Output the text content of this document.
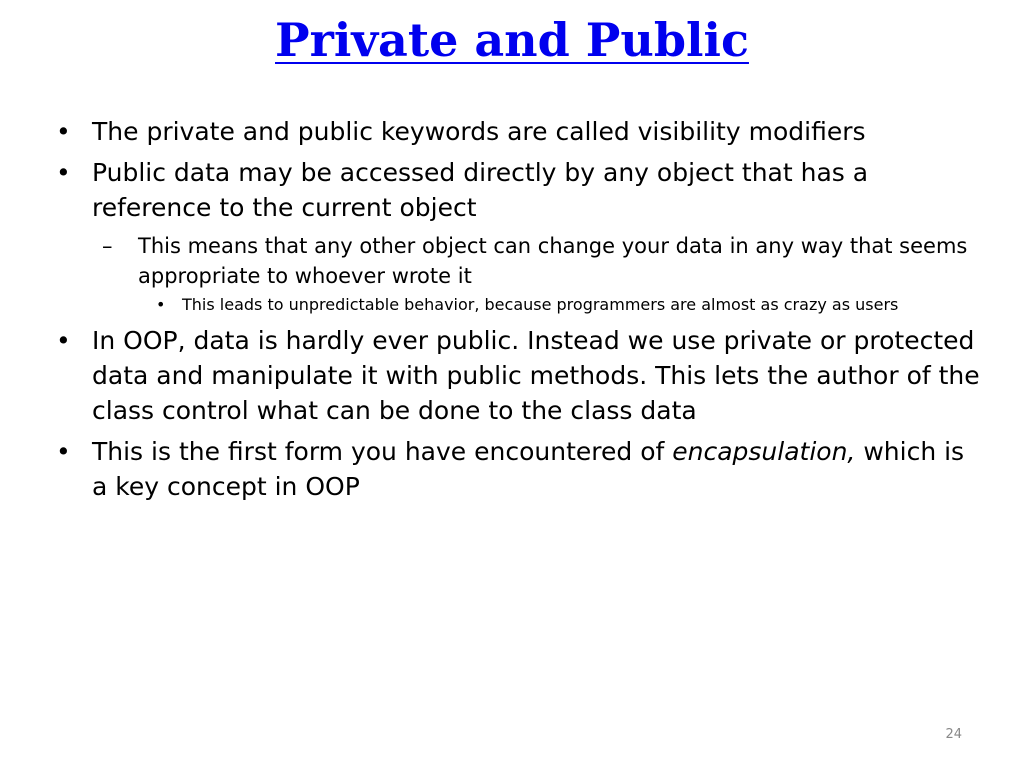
Private and Public
• The private and public keywords are called visibility modifiers
• Public data may be accessed directly by any object that has a reference to the current object
–	This means that any other object can change your data in any way that seems appropriate to whoever wrote it
• This leads to unpredictable behavior, because programmers are almost as crazy as users
• In OOP, data is hardly ever public. Instead we use private or protected data and manipulate it with public methods. This lets the author of the class control what can be done to the class data
• This is the first form you have encountered of encapsulation, which is a key concept in OOP
24
